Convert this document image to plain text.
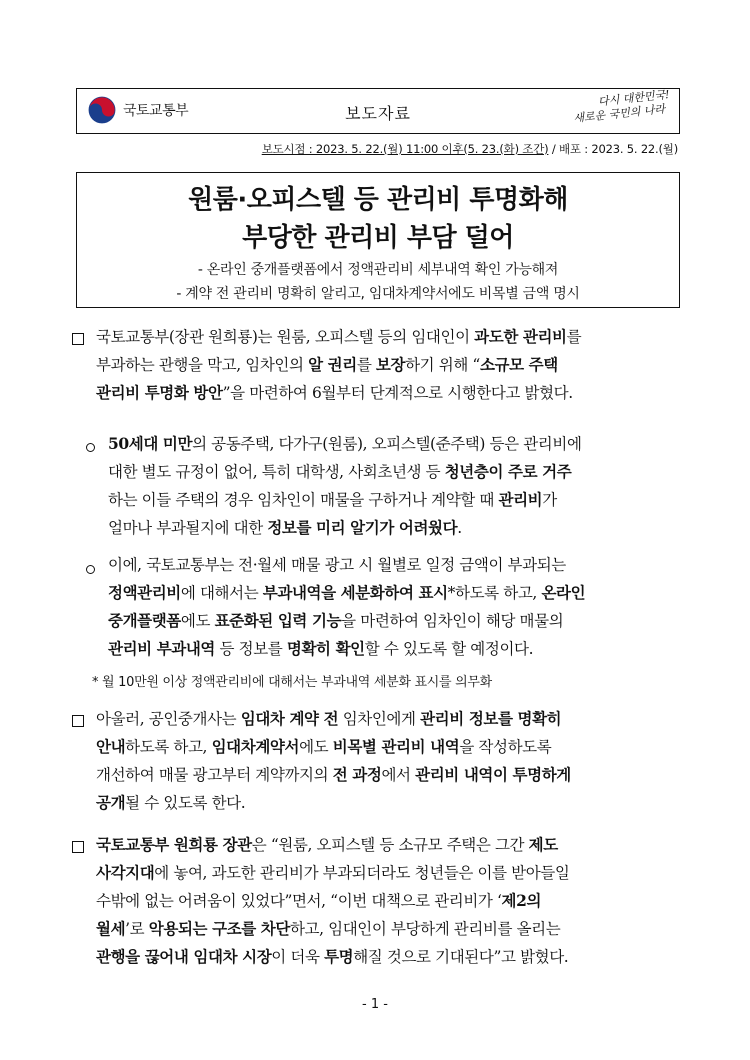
국토교통부	보도자료
다시 대한민국!
새로운 국민의 나라
보도시점 : 2023. 5. 22.(월) 11:00 이후(5. 23.(화) 조간) / 배포 : 2023. 5. 22.(월)
원룸·오피스텔 등 관리비 투명화해
부당한 관리비 부담 덜어
- 온라인 중개플랫폼에서 정액관리비 세부내역 확인 가능해져
- 계약 전 관리비 명확히 알리고, 임대차계약서에도 비목별 금액 명시
국토교통부(장관 원희룡)는 원룸, 오피스텔 등의 임대인이 과도한 관리비를
부과하는 관행을 막고, 임차인의 알 권리를 보장하기 위해 “소규모 주택
관리비 투명화 방안”을 마련하여 6월부터 단계적으로 시행한다고 밝혔다.
50세대 미만의 공동주택, 다가구(원룸), 오피스텔(준주택) 등은 관리비에
대한 별도 규정이 없어, 특히 대학생, 사회초년생 등 청년층이 주로 거주
하는 이들 주택의 경우 임차인이 매물을 구하거나 계약할 때 관리비가
얼마나 부과될지에 대한 정보를 미리 알기가 어려웠다.
이에, 국토교통부는 전·월세 매물 광고 시 월별로 일정 금액이 부과되는
정액관리비에 대해서는 부과내역을 세분화하여 표시*하도록 하고, 온라인
중개플랫폼에도 표준화된 입력 기능을 마련하여 임차인이 해당 매물의
관리비 부과내역 등 정보를 명확히 확인할 수 있도록 할 예정이다.
* 월 10만원 이상 정액관리비에 대해서는 부과내역 세분화 표시를 의무화
아울러, 공인중개사는 임대차 계약 전 임차인에게 관리비 정보를 명확히
안내하도록 하고, 임대차계약서에도 비목별 관리비 내역을 작성하도록
개선하여 매물 광고부터 계약까지의 전 과정에서 관리비 내역이 투명하게
공개될 수 있도록 한다.
국토교통부 원희룡 장관은 “원룸, 오피스텔 등 소규모 주택은 그간 제도
사각지대에 놓여, 과도한 관리비가 부과되더라도 청년들은 이를 받아들일
수밖에 없는 어려움이 있었다”면서, “이번 대책으로 관리비가 ‘제2의
월세’로 악용되는 구조를 차단하고, 임대인이 부당하게 관리비를 올리는
관행을 끊어내 임대차 시장이 더욱 투명해질 것으로 기대된다”고 밝혔다.
- 1 -
